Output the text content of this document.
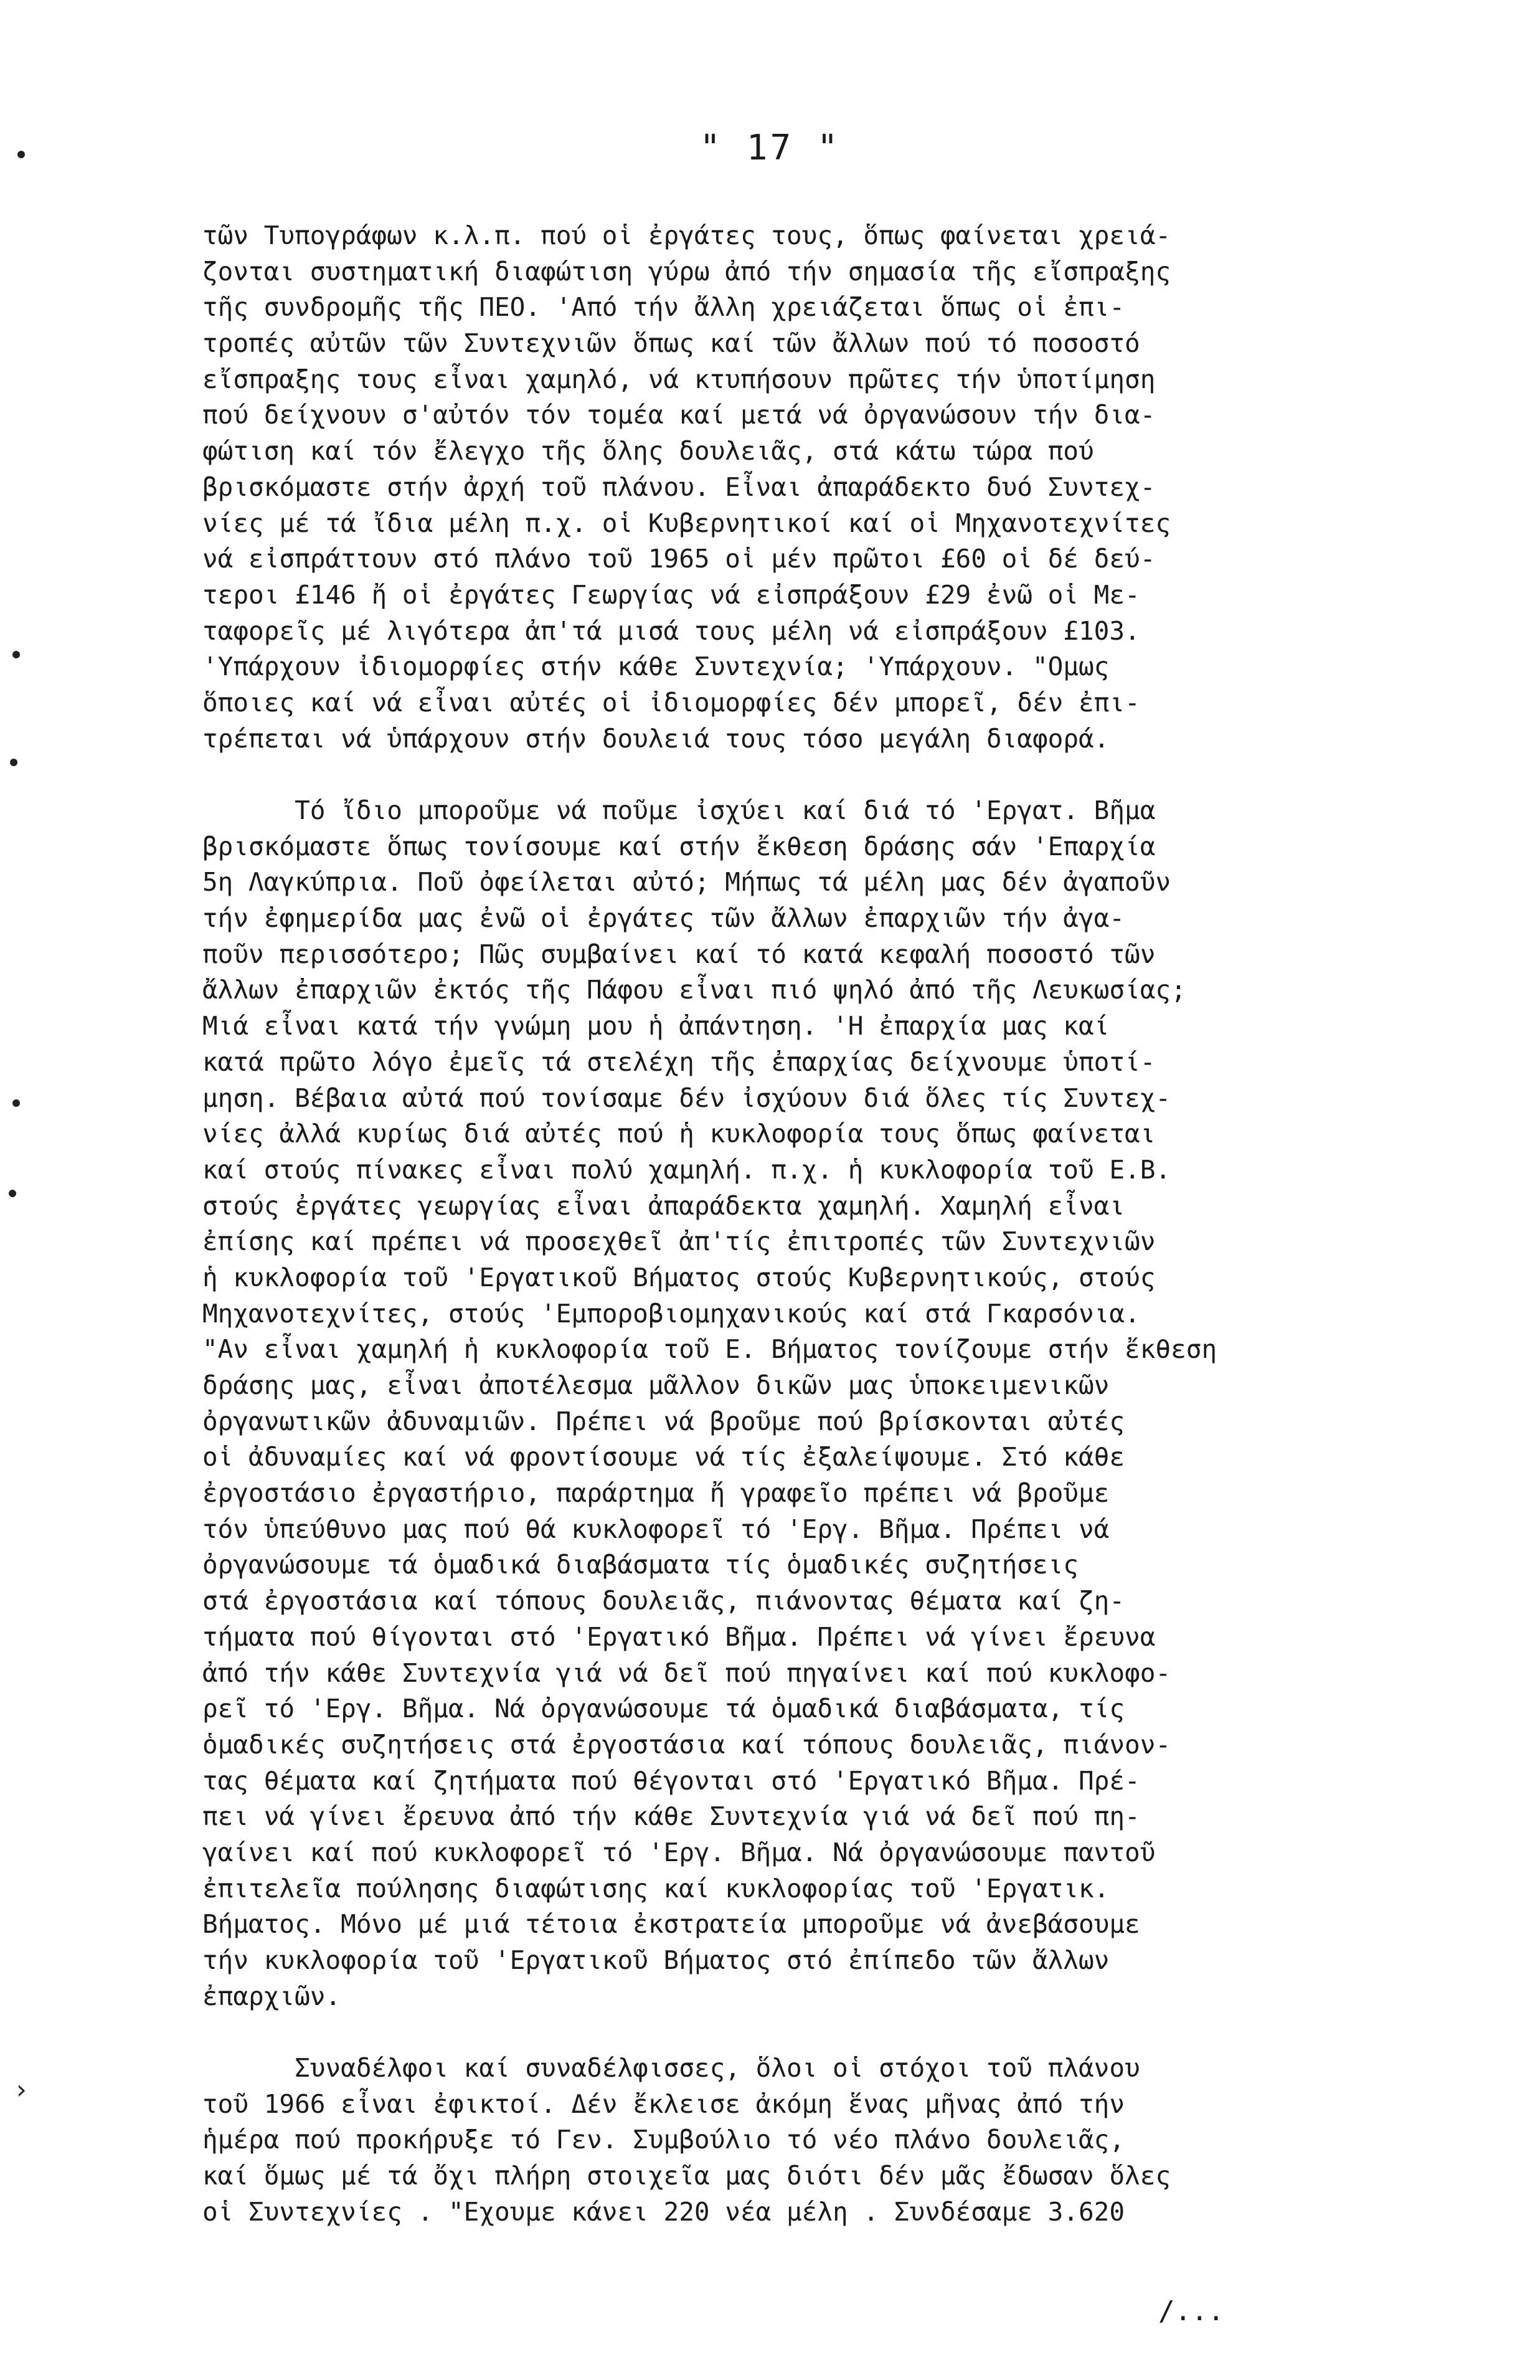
" 17 "
›
τῶν Τυπογράφων κ.λ.π. πού οἱ ἐργάτες τους, ὅπως φαίνεται χρειά-
ζονται συστηματική διαφώτιση γύρω ἀπό τήν σημασία τῆς εἴσπραξης
τῆς συνδρομῆς τῆς ΠΕΟ. 'Από τήν ἄλλη χρειάζεται ὅπως οἱ ἐπι-
τροπές αὐτῶν τῶν Συντεχνιῶν ὅπως καί τῶν ἄλλων πού τό ποσοστό
εἴσπραξης τους εἶναι χαμηλό, νά κτυπήσουν πρῶτες τήν ὑποτίμηση
πού δείχνουν σ'αὐτόν τόν τομέα καί μετά νά ὀργανώσουν τήν δια-
φώτιση καί τόν ἔλεγχο τῆς ὅλης δουλειᾶς, στά κάτω τώρα πού
βρισκόμαστε στήν ἀρχή τοῦ πλάνου. Εἶναι ἀπαράδεκτο δυό Συντεχ-
νίες μέ τά ἴδια μέλη π.χ. οἱ Κυβερνητικοί καί οἱ Μηχανοτεχνίτες
νά εἰσπράττουν στό πλάνο τοῦ 1965 οἱ μέν πρῶτοι £60 οἱ δέ δεύ-
τεροι £146 ἤ οἱ ἐργάτες Γεωργίας νά εἰσπράξουν £29 ἐνῶ οἱ Με-
ταφορεῖς μέ λιγότερα ἀπ'τά μισά τους μέλη νά εἰσπράξουν £103.
'Υπάρχουν ἰδιομορφίες στήν κάθε Συντεχνία; 'Υπάρχουν. "Ομως
ὅποιες καί νά εἶναι αὐτές οἱ ἰδιομορφίες δέν μπορεῖ, δέν ἐπι-
τρέπεται νά ὑπάρχουν στήν δουλειά τους τόσο μεγάλη διαφορά.
Τό ἴδιο μποροῦμε νά ποῦμε ἰσχύει καί διά τό 'Εργατ. Βῆμα
βρισκόμαστε ὅπως τονίσουμε καί στήν ἔκθεση δράσης σάν 'Επαρχία
5η Λαγκύπρια. Ποῦ ὀφείλεται αὐτό; Μήπως τά μέλη μας δέν ἀγαποῦν
τήν ἐφημερίδα μας ἐνῶ οἱ ἐργάτες τῶν ἄλλων ἐπαρχιῶν τήν ἀγα-
ποῦν περισσότερο; Πῶς συμβαίνει καί τό κατά κεφαλή ποσοστό τῶν
ἄλλων ἐπαρχιῶν ἐκτός τῆς Πάφου εἶναι πιό ψηλό ἀπό τῆς Λευκωσίας;
Μιά εἶναι κατά τήν γνώμη μου ἡ ἀπάντηση. 'Η ἐπαρχία μας καί
κατά πρῶτο λόγο ἐμεῖς τά στελέχη τῆς ἐπαρχίας δείχνουμε ὑποτί-
μηση. Βέβαια αὐτά πού τονίσαμε δέν ἰσχύουν διά ὅλες τίς Συντεχ-
νίες ἀλλά κυρίως διά αὐτές πού ἡ κυκλοφορία τους ὅπως φαίνεται
καί στούς πίνακες εἶναι πολύ χαμηλή. π.χ. ἡ κυκλοφορία τοῦ Ε.Β.
στούς ἐργάτες γεωργίας εἶναι ἀπαράδεκτα χαμηλή. Χαμηλή εἶναι
ἐπίσης καί πρέπει νά προσεχθεῖ ἀπ'τίς ἐπιτροπές τῶν Συντεχνιῶν
ἡ κυκλοφορία τοῦ 'Εργατικοῦ Βήματος στούς Κυβερνητικούς, στούς
Μηχανοτεχνίτες, στούς 'Εμποροβιομηχανικούς καί στά Γκαρσόνια.
"Αν εἶναι χαμηλή ἡ κυκλοφορία τοῦ Ε. Βήματος τονίζουμε στήν ἔκθεση
δράσης μας, εἶναι ἀποτέλεσμα μᾶλλον δικῶν μας ὑποκειμενικῶν
ὀργανωτικῶν ἀδυναμιῶν. Πρέπει νά βροῦμε πού βρίσκονται αὐτές
οἱ ἀδυναμίες καί νά φροντίσουμε νά τίς ἐξαλείψουμε. Στό κάθε
ἐργοστάσιο ἐργαστήριο, παράρτημα ἤ γραφεῖο πρέπει νά βροῦμε
τόν ὑπεύθυνο μας πού θά κυκλοφορεῖ τό 'Εργ. Βῆμα. Πρέπει νά
ὀργανώσουμε τά ὁμαδικά διαβάσματα τίς ὁμαδικές συζητήσεις
στά ἐργοστάσια καί τόπους δουλειᾶς, πιάνοντας θέματα καί ζη-
τήματα πού θίγονται στό 'Εργατικό Βῆμα. Πρέπει νά γίνει ἔρευνα
ἀπό τήν κάθε Συντεχνία γιά νά δεῖ πού πηγαίνει καί πού κυκλοφο-
ρεῖ τό 'Εργ. Βῆμα. Νά ὀργανώσουμε τά ὁμαδικά διαβάσματα, τίς
ὁμαδικές συζητήσεις στά ἐργοστάσια καί τόπους δουλειᾶς, πιάνον-
τας θέματα καί ζητήματα πού θέγονται στό 'Εργατικό Βῆμα. Πρέ-
πει νά γίνει ἔρευνα ἀπό τήν κάθε Συντεχνία γιά νά δεῖ πού πη-
γαίνει καί πού κυκλοφορεῖ τό 'Εργ. Βῆμα. Νά ὀργανώσουμε παντοῦ
ἐπιτελεῖα πούλησης διαφώτισης καί κυκλοφορίας τοῦ 'Εργατικ.
Βήματος. Μόνο μέ μιά τέτοια ἐκστρατεία μποροῦμε νά ἀνεβάσουμε
τήν κυκλοφορία τοῦ 'Εργατικοῦ Βήματος στό ἐπίπεδο τῶν ἄλλων
ἐπαρχιῶν.
Συναδέλφοι καί συναδέλφισσες, ὅλοι οἱ στόχοι τοῦ πλάνου
τοῦ 1966 εἶναι ἐφικτοί. Δέν ἔκλεισε ἀκόμη ἕνας μῆνας ἀπό τήν
ἡμέρα πού προκήρυξε τό Γεν. Συμβούλιο τό νέο πλάνο δουλειᾶς,
καί ὅμως μέ τά ὄχι πλήρη στοιχεῖα μας διότι δέν μᾶς ἔδωσαν ὅλες
οἱ Συντεχνίες . "Εχουμε κάνει 220 νέα μέλη . Συνδέσαμε 3.620
/...
